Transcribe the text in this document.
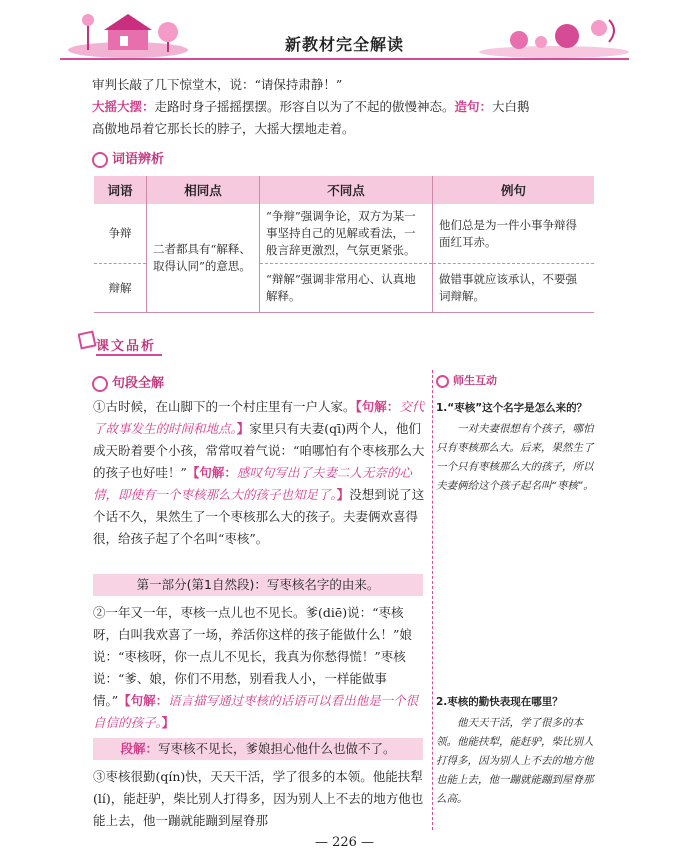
新教材完全解读
审判长敲了几下惊堂木，说：“请保持肃静！”
大摇大摆：走路时身子摇摇摆摆。形容自以为了不起的傲慢神态。造句：大白鹅
高傲地昂着它那长长的脖子，大摇大摆地走着。
词语辨析
词语	相同点	不同点	例句
争辩	二者都具有“解释、取得认同”的意思。	“争辩”强调争论，双方为某一事坚持自己的见解或看法，一般言辞更激烈，气氛更紧张。	他们总是为一件小事争辩得面红耳赤。
辩解		“辩解”强调非常用心、认真地解释。	做错事就应该承认，不要强词辩解。
课文品析
句段全解
①古时候，在山脚下的一个村庄里有一户人家。【句解：交代了故事发生的时间和地点。】家里只有夫妻(qī)两个人，他们成天盼着要个小孩，常常叹着气说：“咱哪怕有个枣核那么大的孩子也好哇！”【句解：感叹句写出了夫妻二人无奈的心情，即使有一个枣核那么大的孩子也知足了。】没想到说了这个话不久，果然生了一个枣核那么大的孩子。夫妻俩欢喜得很，给孩子起了个名叫“枣核”。
第一部分(第1自然段)：写枣核名字的由来。
②一年又一年，枣核一点儿也不见长。爹(diē)说：“枣核呀，白叫我欢喜了一场，养活你这样的孩子能做什么！”娘说：“枣核呀，你一点儿不见长，我真为你愁得慌！”枣核说：“爹、娘，你们不用愁，别看我人小，一样能做事情。”【句解：语言描写通过枣核的话语可以看出他是一个很自信的孩子。】
段解：写枣核不见长，爹娘担心他什么也做不了。
③枣核很勤(qín)快，天天干活，学了很多的本领。他能扶犁(lí)，能赶驴，柴比别人打得多，因为别人上不去的地方他也能上去，他一蹦就能蹦到屋脊那
师生互动
1.“枣核”这个名字是怎么来的？
一对夫妻很想有个孩子，哪怕只有枣核那么大。后来，果然生了一个只有枣核那么大的孩子，所以夫妻俩给这个孩子起名叫“枣核”。
2.枣核的勤快表现在哪里？
他天天干活，学了很多的本领。他能扶犁，能赶驴，柴比别人打得多，因为别人上不去的地方他也能上去，他一蹦就能蹦到屋脊那么高。
— 226 —
